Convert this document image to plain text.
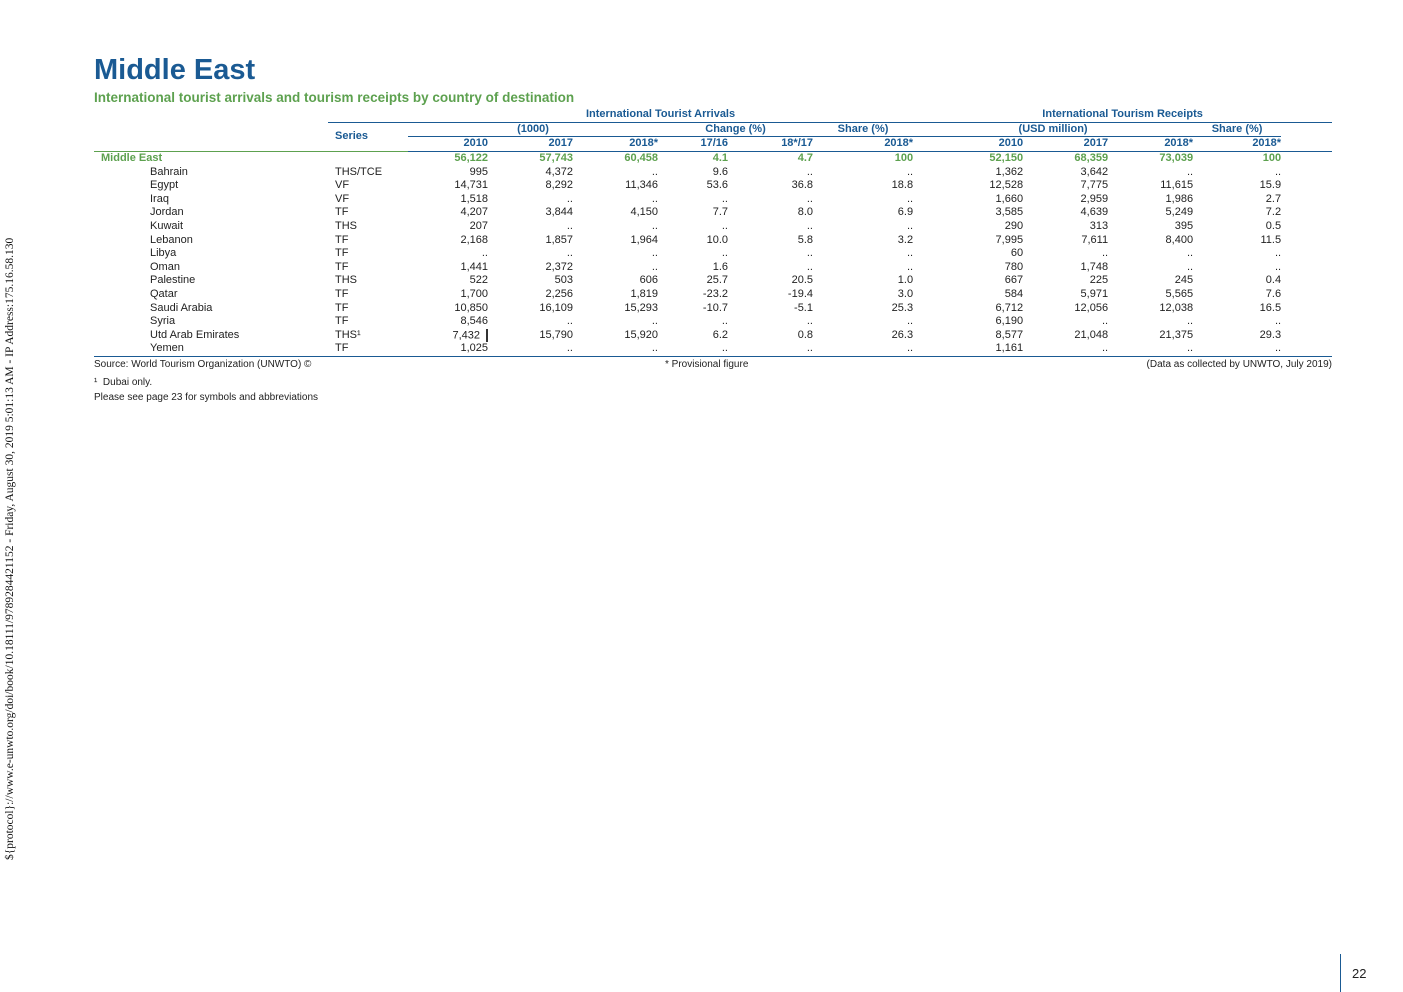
${protocol}://www.e-unwto.org/doi/book/10.18111/9789284421152 - Friday, August 30, 2019 5:01:13 AM - IP Address:175.16.58.130
Middle East

International tourist arrivals and tourism receipts by country of destination

		International Tourist Arrivals						International Tourism Receipts				
	Series	(1000)			Change (%)		Share (%)	(USD million)			Share (%)	
		2010	2017	2018*	17/16	18*/17	2018*	2010	2017	2018*	2018*	
Middle East		56,122	57,743	60,458	4.1	4.7	100	52,150	68,359	73,039	100	
Bahrain	THS/TCE	995	4,372	..	9.6	..	..	1,362	3,642	..	..	
Egypt	VF	14,731	8,292	11,346	53.6	36.8	18.8	12,528	7,775	11,615	15.9	
Iraq	VF	1,518	..	..	..	..	..	1,660	2,959	1,986	2.7	
Jordan	TF	4,207	3,844	4,150	7.7	8.0	6.9	3,585	4,639	5,249	7.2	
Kuwait	THS	207	..	..	..	..	..	290	313	395	0.5	
Lebanon	TF	2,168	1,857	1,964	10.0	5.8	3.2	7,995	7,611	8,400	11.5	
Libya	TF	..	..	..	..	..	..	60	..	..	..	
Oman	TF	1,441	2,372	..	1.6	..	..	780	1,748	..	..	
Palestine	THS	522	503	606	25.7	20.5	1.0	667	225	245	0.4	
Qatar	TF	1,700	2,256	1,819	-23.2	-19.4	3.0	584	5,971	5,565	7.6	
Saudi Arabia	TF	10,850	16,109	15,293	-10.7	-5.1	25.3	6,712	12,056	12,038	16.5	
Syria	TF	8,546	..	..	..	..	..	6,190	..	..	..	
Utd Arab Emirates	THS¹	7,432	15,790	15,920	6.2	0.8	26.3	8,577	21,048	21,375	29.3	
Yemen	TF	1,025	..	..	..	..	..	1,161	..	..	..	
Source: World Tourism Organization (UNWTO) ©	* Provisional figure	(Data as collected by UNWTO, July 2019)
¹ Dubai only.
Please see page 23 for symbols and abbreviations
22
